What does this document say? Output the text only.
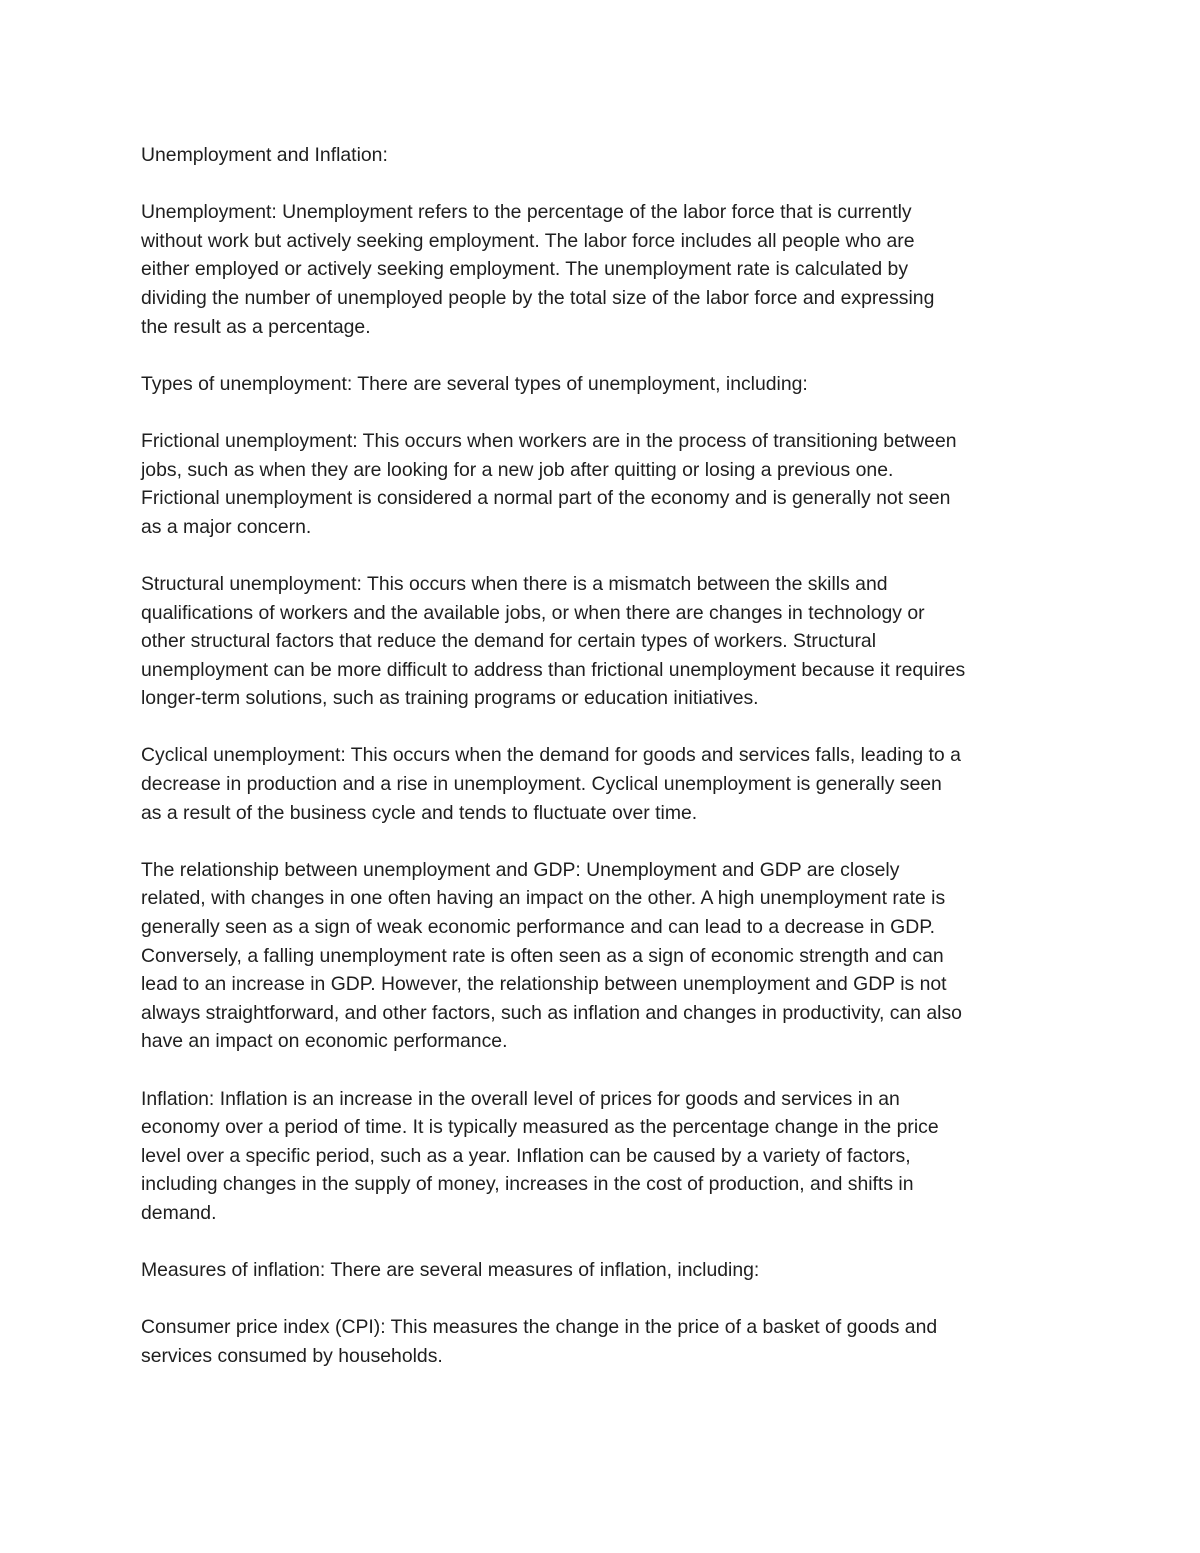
Unemployment and Inflation:

Unemployment: Unemployment refers to the percentage of the labor force that is currently
without work but actively seeking employment. The labor force includes all people who are
either employed or actively seeking employment. The unemployment rate is calculated by
dividing the number of unemployed people by the total size of the labor force and expressing
the result as a percentage.

Types of unemployment: There are several types of unemployment, including:

Frictional unemployment: This occurs when workers are in the process of transitioning between
jobs, such as when they are looking for a new job after quitting or losing a previous one.
Frictional unemployment is considered a normal part of the economy and is generally not seen
as a major concern.

Structural unemployment: This occurs when there is a mismatch between the skills and
qualifications of workers and the available jobs, or when there are changes in technology or
other structural factors that reduce the demand for certain types of workers. Structural
unemployment can be more difficult to address than frictional unemployment because it requires
longer-term solutions, such as training programs or education initiatives.

Cyclical unemployment: This occurs when the demand for goods and services falls, leading to a
decrease in production and a rise in unemployment. Cyclical unemployment is generally seen
as a result of the business cycle and tends to fluctuate over time.

The relationship between unemployment and GDP: Unemployment and GDP are closely
related, with changes in one often having an impact on the other. A high unemployment rate is
generally seen as a sign of weak economic performance and can lead to a decrease in GDP.
Conversely, a falling unemployment rate is often seen as a sign of economic strength and can
lead to an increase in GDP. However, the relationship between unemployment and GDP is not
always straightforward, and other factors, such as inflation and changes in productivity, can also
have an impact on economic performance.

Inflation: Inflation is an increase in the overall level of prices for goods and services in an
economy over a period of time. It is typically measured as the percentage change in the price
level over a specific period, such as a year. Inflation can be caused by a variety of factors,
including changes in the supply of money, increases in the cost of production, and shifts in
demand.

Measures of inflation: There are several measures of inflation, including:

Consumer price index (CPI): This measures the change in the price of a basket of goods and
services consumed by households.
